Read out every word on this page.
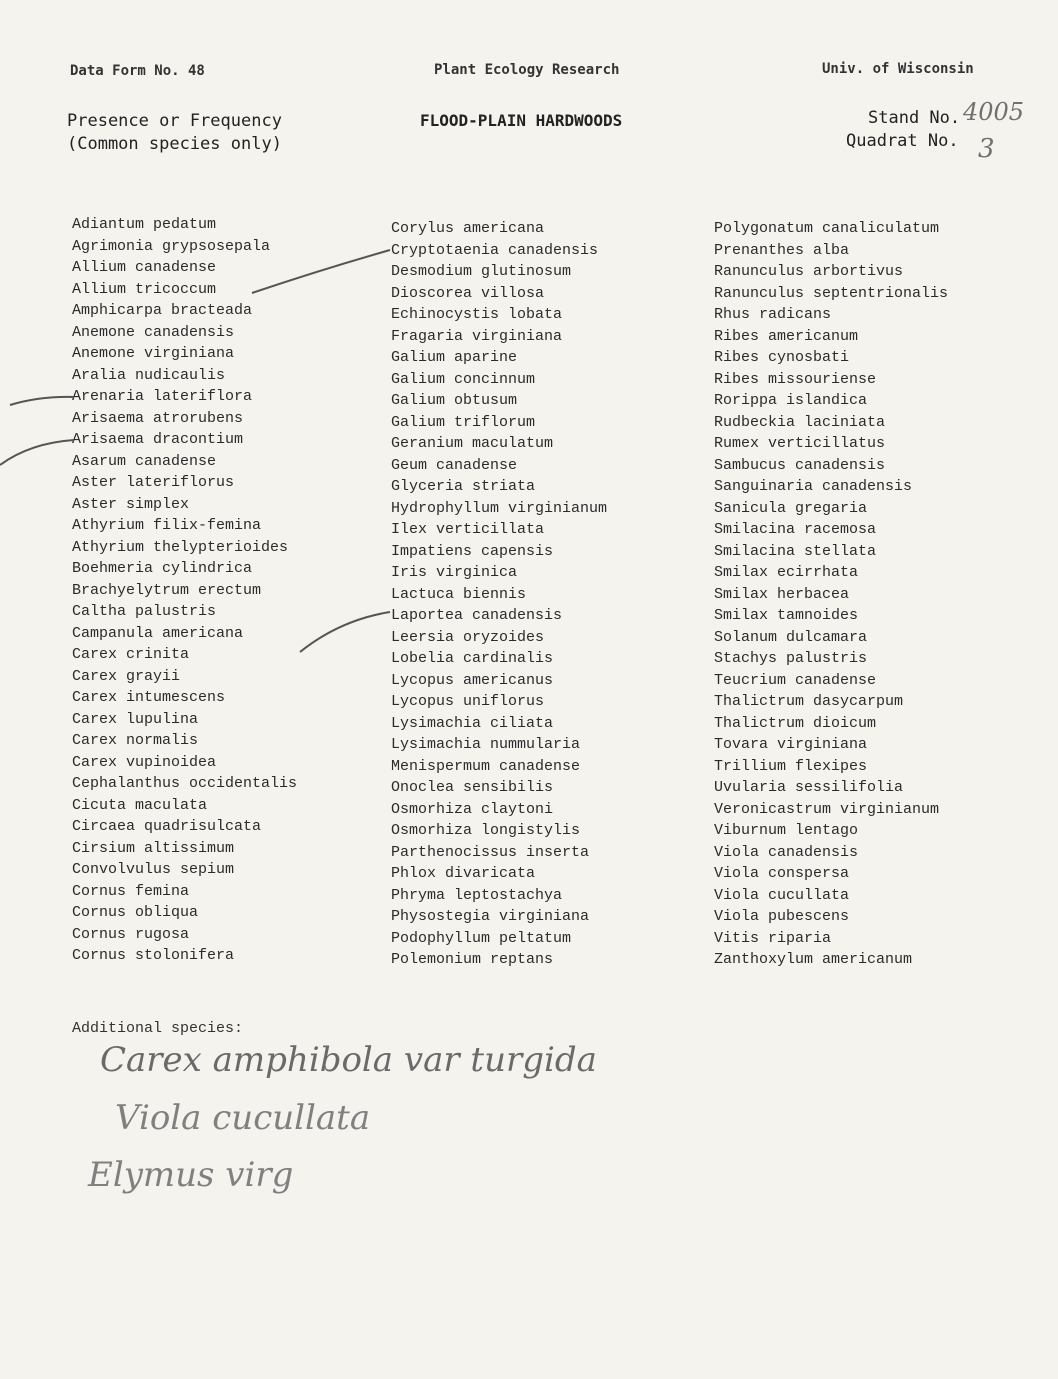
Data Form No. 48	Plant Ecology Research	Univ. of Wisconsin
Presence or Frequency
(Common species only)
FLOOD-PLAIN HARDWOODS	Stand No. 4005
Quadrat No. 3
Adiantum pedatum
Agrimonia grypsosepala
Allium canadense
Allium tricoccum
Amphicarpa bracteada
Anemone canadensis
Anemone virginiana
Aralia nudicaulis
Arenaria lateriflora
Arisaema atrorubens
Arisaema dracontium
Asarum canadense
Aster lateriflorus
Aster simplex
Athyrium filix-femina
Athyrium thelypterioides
Boehmeria cylindrica
Brachyelytrum erectum
Caltha palustris
Campanula americana
Carex crinita
Carex grayii
Carex intumescens
Carex lupulina
Carex normalis
Carex vupinoidea
Cephalanthus occidentalis
Cicuta maculata
Circaea quadrisulcata
Cirsium altissimum
Convolvulus sepium
Cornus femina
Cornus obliqua
Cornus rugosa
Cornus stolonifera
Corylus americana
Cryptotaenia canadensis
Desmodium glutinosum
Dioscorea villosa
Echinocystis lobata
Fragaria virginiana
Galium aparine
Galium concinnum
Galium obtusum
Galium triflorum
Geranium maculatum
Geum canadense
Glyceria striata
Hydrophyllum virginianum
Ilex verticillata
Impatiens capensis
Iris virginica
Lactuca biennis
Laportea canadensis
Leersia oryzoides
Lobelia cardinalis
Lycopus americanus
Lycopus uniflorus
Lysimachia ciliata
Lysimachia nummularia
Menispermum canadense
Onoclea sensibilis
Osmorhiza claytoni
Osmorhiza longistylis
Parthenocissus inserta
Phlox divaricata
Phryma leptostachya
Physostegia virginiana
Podophyllum peltatum
Polemonium reptans
Polygonatum canaliculatum
Prenanthes alba
Ranunculus arbortivus
Ranunculus septentrionalis
Rhus radicans
Ribes americanum
Ribes cynosbati
Ribes missouriense
Rorippa islandica
Rudbeckia laciniata
Rumex verticillatus
Sambucus canadensis
Sanguinaria canadensis
Sanicula gregaria
Smilacina racemosa
Smilacina stellata
Smilax ecirrhata
Smilax herbacea
Smilax tamnoides
Solanum dulcamara
Stachys palustris
Teucrium canadense
Thalictrum dasycarpum
Thalictrum dioicum
Tovara virginiana
Trillium flexipes
Uvularia sessilifolia
Veronicastrum virginianum
Viburnum lentago
Viola canadensis
Viola conspersa
Viola cucullata
Viola pubescens
Vitis riparia
Zanthoxylum americanum
Additional species:
Carex amphibola var turgida
Viola cucullata
Elymus virg
